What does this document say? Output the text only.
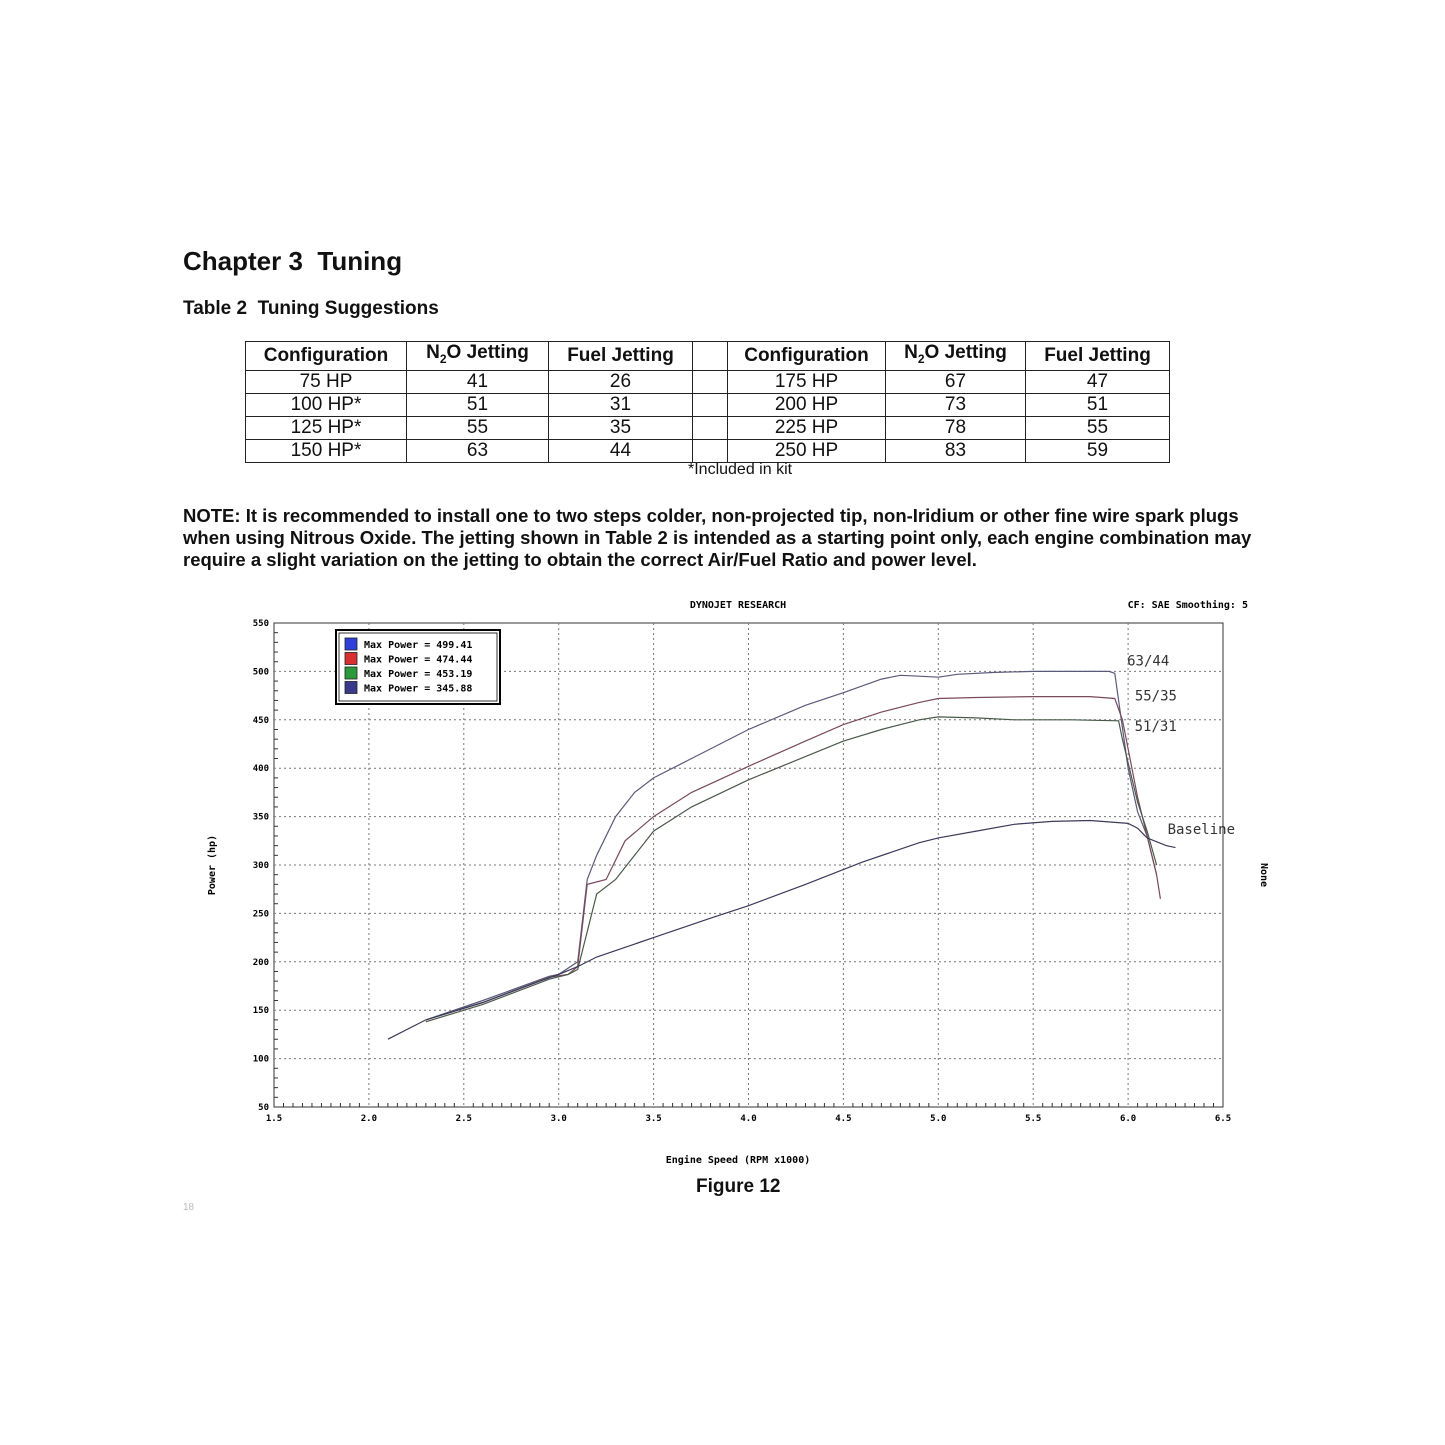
Chapter 3  Tuning
Table 2  Tuning Suggestions
Configuration	$N_2O$ Jetting	Fuel Jetting		Configuration	$N_2O$ Jetting	Fuel Jetting
75 HP	41	26		175 HP	67	47
100 HP*	51	31		200 HP	73	51
125 HP*	55	35		225 HP	78	55
150 HP*	63	44		250 HP	83	59
*Included in kit
NOTE: It is recommended to install one to two steps colder, non-projected tip, non-Iridium or other fine wire spark plugs when using Nitrous Oxide. The jetting shown in Table 2 is intended as a starting point only, each engine combination may require a slight variation on the jetting to obtain the correct Air/Fuel Ratio and power level.
DYNOJET RESEARCH	CF: SAE Smoothing: 5
1.5	2.0	2.5	3.0	3.5	4.0	4.5	5.0	5.5	6.0	6.5
50
100
150
200
250
300
350
400
450
500
550
63/44
55/35
51/31
Baseline
Max Power = 499.41
Max Power = 474.44
Max Power = 453.19
Max Power = 345.88
Power (hp)
Engine Speed (RPM x1000)
None
Figure 12
18
